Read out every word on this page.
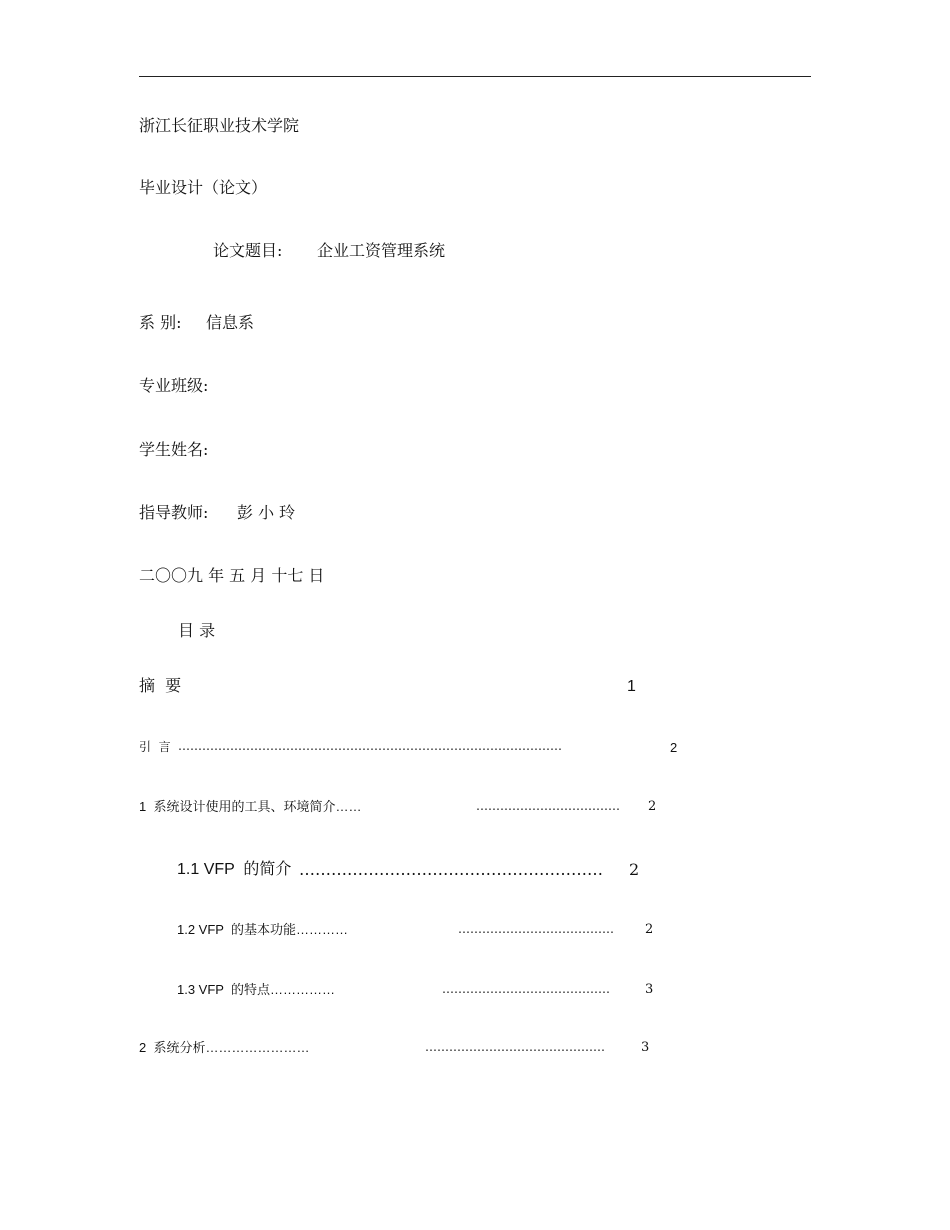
浙江长征职业技术学院
毕业设计（论文）
论文题目: 企业工资管理系统
系 别: 信息系
专业班级:
学生姓名:
指导教师: 彭 小 玲
二〇〇九 年 五 月 十七 日
目 录
摘  要	1
引  言 ……………………………………………………………………………………	2
1  系统设计使用的工具、环境简介……	……………………………… 2
1.1 VFP  的简介 ………………………………………………… 2
1.2 VFP  的基本功能…………	………………………………… 2
1.3 VFP  的特点……………	……………………………………	3
2  系统分析……………………	………………………………………	3
